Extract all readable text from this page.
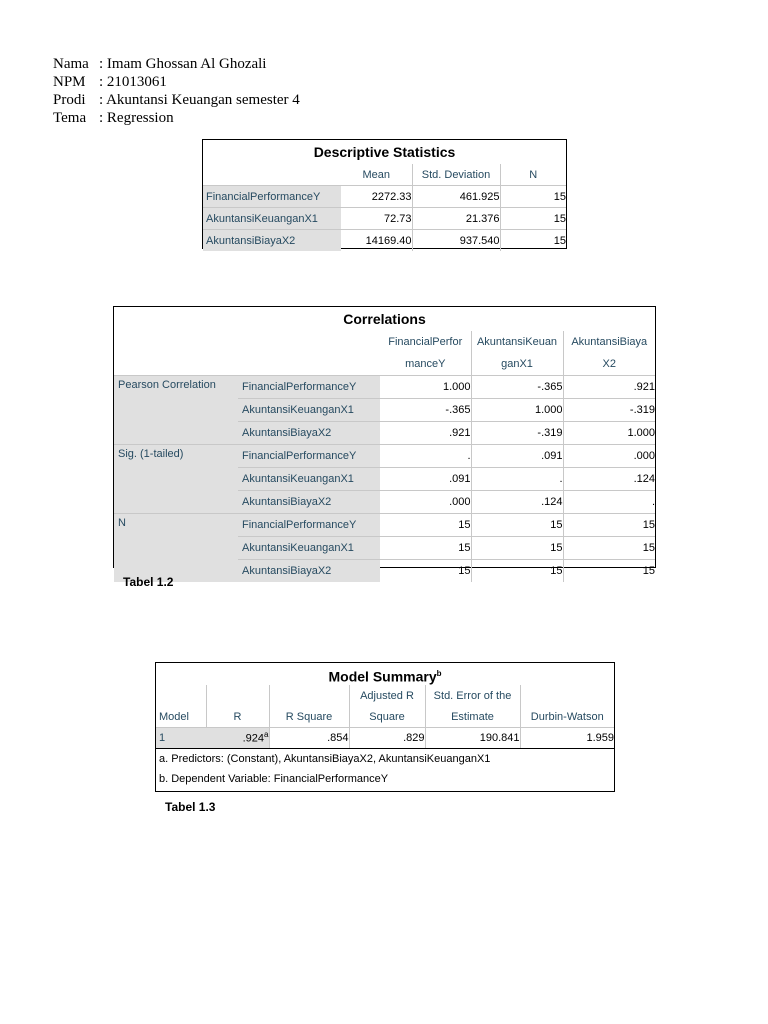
Nama : Imam Ghossan Al Ghozali
NPM : 21013061
Prodi : Akuntansi Keuangan semester 4
Tema : Regression
Descriptive Statistics
	Mean	Std. Deviation	N
FinancialPerformanceY	2272.33	461.925	15
AkuntansiKeuanganX1	72.73	21.376	15
AkuntansiBiayaX2	14169.40	937.540	15
Correlations
		FinancialPerfor	AkuntansiKeuan	AkuntansiBiaya
		manceY	ganX1	X2
Pearson Correlation	FinancialPerformanceY	1.000	-.365	.921
	AkuntansiKeuanganX1	-.365	1.000	-.319
	AkuntansiBiayaX2	.921	-.319	1.000
Sig. (1-tailed)	FinancialPerformanceY	.	.091	.000
	AkuntansiKeuanganX1	.091	.	.124
	AkuntansiBiayaX2	.000	.124	.
N	FinancialPerformanceY	15	15	15
	AkuntansiKeuanganX1	15	15	15
	AkuntansiBiayaX2	15	15	15
Tabel 1.2
Model Summary$^b$
			Adjusted R	Std. Error of the	
Model	R	R Square	Square	Estimate	Durbin-Watson
1	.924$^a$	.854	.829	190.841	1.959
a. Predictors: (Constant), AkuntansiBiayaX2, AkuntansiKeuanganX1					
b. Dependent Variable: FinancialPerformanceY					
Tabel 1.3
